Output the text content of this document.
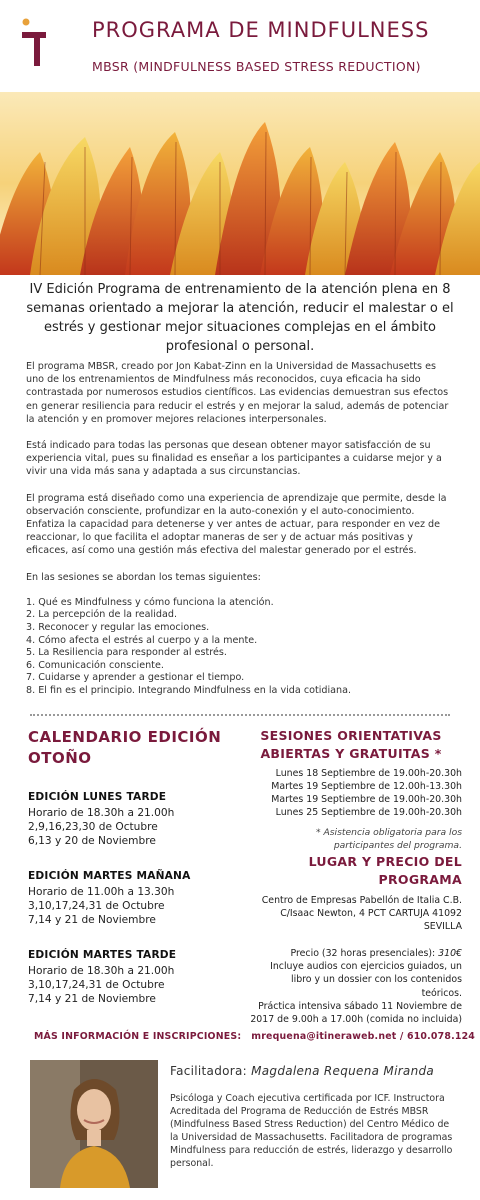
PROGRAMA DE MINDFULNESS
MBSR (MINDFULNESS BASED STRESS REDUCTION)
IV Edición Programa de entrenamiento de la atención plena en 8 semanas orientado a mejorar la atención, reducir el malestar o el estrés y gestionar mejor situaciones complejas en el ámbito profesional o personal.

El programa MBSR, creado por Jon Kabat-Zinn en la Universidad de Massachusetts es uno de los entrenamientos de Mindfulness más reconocidos, cuya eficacia ha sido contrastada por numerosos estudios científicos. Las evidencias demuestran sus efectos en generar resiliencia para reducir el estrés y en mejorar la salud, además de potenciar la atención y en promover mejores relaciones interpersonales.

Está indicado para todas las personas que desean obtener mayor satisfacción de su experiencia vital, pues su finalidad es enseñar a los participantes a cuidarse mejor y a vivir una vida más sana y adaptada a sus circunstancias.

El programa está diseñado como una experiencia de aprendizaje que permite, desde la observación consciente, profundizar en la auto-conexión y el auto-conocimiento. Enfatiza la capacidad para detenerse y ver antes de actuar, para responder en vez de reaccionar, lo que facilita el adoptar maneras de ser y de actuar más positivas y eficaces, así como una gestión más efectiva del malestar generado por el estrés.

En las sesiones se abordan los temas siguientes:

1. Qué es Mindfulness y cómo funciona la atención.
2. La percepción de la realidad.
3. Reconocer y regular las emociones.
4. Cómo afecta el estrés al cuerpo y a la mente.
5. La Resiliencia para responder al estrés.
6. Comunicación consciente.
7. Cuidarse y aprender a gestionar el tiempo.
8. El fin es el principio. Integrando Mindfulness en la vida cotidiana.
CALENDARIO EDICIÓN
OTOÑO
EDICIÓN LUNES TARDE
Horario de 18.30h a 21.00h
2,9,16,23,30 de Octubre
6,13 y 20 de Noviembre
EDICIÓN MARTES MAÑANA
Horario de 11.00h a 13.30h
3,10,17,24,31 de Octubre
7,14 y 21 de Noviembre
EDICIÓN MARTES TARDE
Horario de 18.30h a 21.00h
3,10,17,24,31 de Octubre
7,14 y 21 de Noviembre
SESIONES ORIENTATIVAS
ABIERTAS Y GRATUITAS *
Lunes 18 Septiembre de 19.00h-20.30h
Martes 19 Septiembre de 12.00h-13.30h
Martes 19 Septiembre de 19.00h-20.30h
Lunes 25 Septiembre de 19.00h-20.30h
* Asistencia obligatoria para los
participantes del programa.
LUGAR Y PRECIO DEL PROGRAMA
Centro de Empresas Pabellón de Italia C.B.
C/Isaac Newton, 4 PCT CARTUJA 41092
SEVILLA
Precio (32 horas presenciales): 310€
Incluye audios con ejercicios guiados, un
libro y un dossier con los contenidos
teóricos.
Práctica intensiva sábado 11 Noviembre de
2017 de 9.00h a 17.00h (comida no incluida)
MÁS INFORMACIÓN E INSCRIPCIONES: mrequena@itineraweb.net / 610.078.124
Facilitadora: Magdalena Requena Miranda
Psicóloga y Coach ejecutiva certificada por ICF. Instructora Acreditada del Programa de Reducción de Estrés MBSR (Mindfulness Based Stress Reduction) del Centro Médico de la Universidad de Massachusetts. Facilitadora de programas Mindfulness para reducción de estrés, liderazgo y desarrollo personal.
